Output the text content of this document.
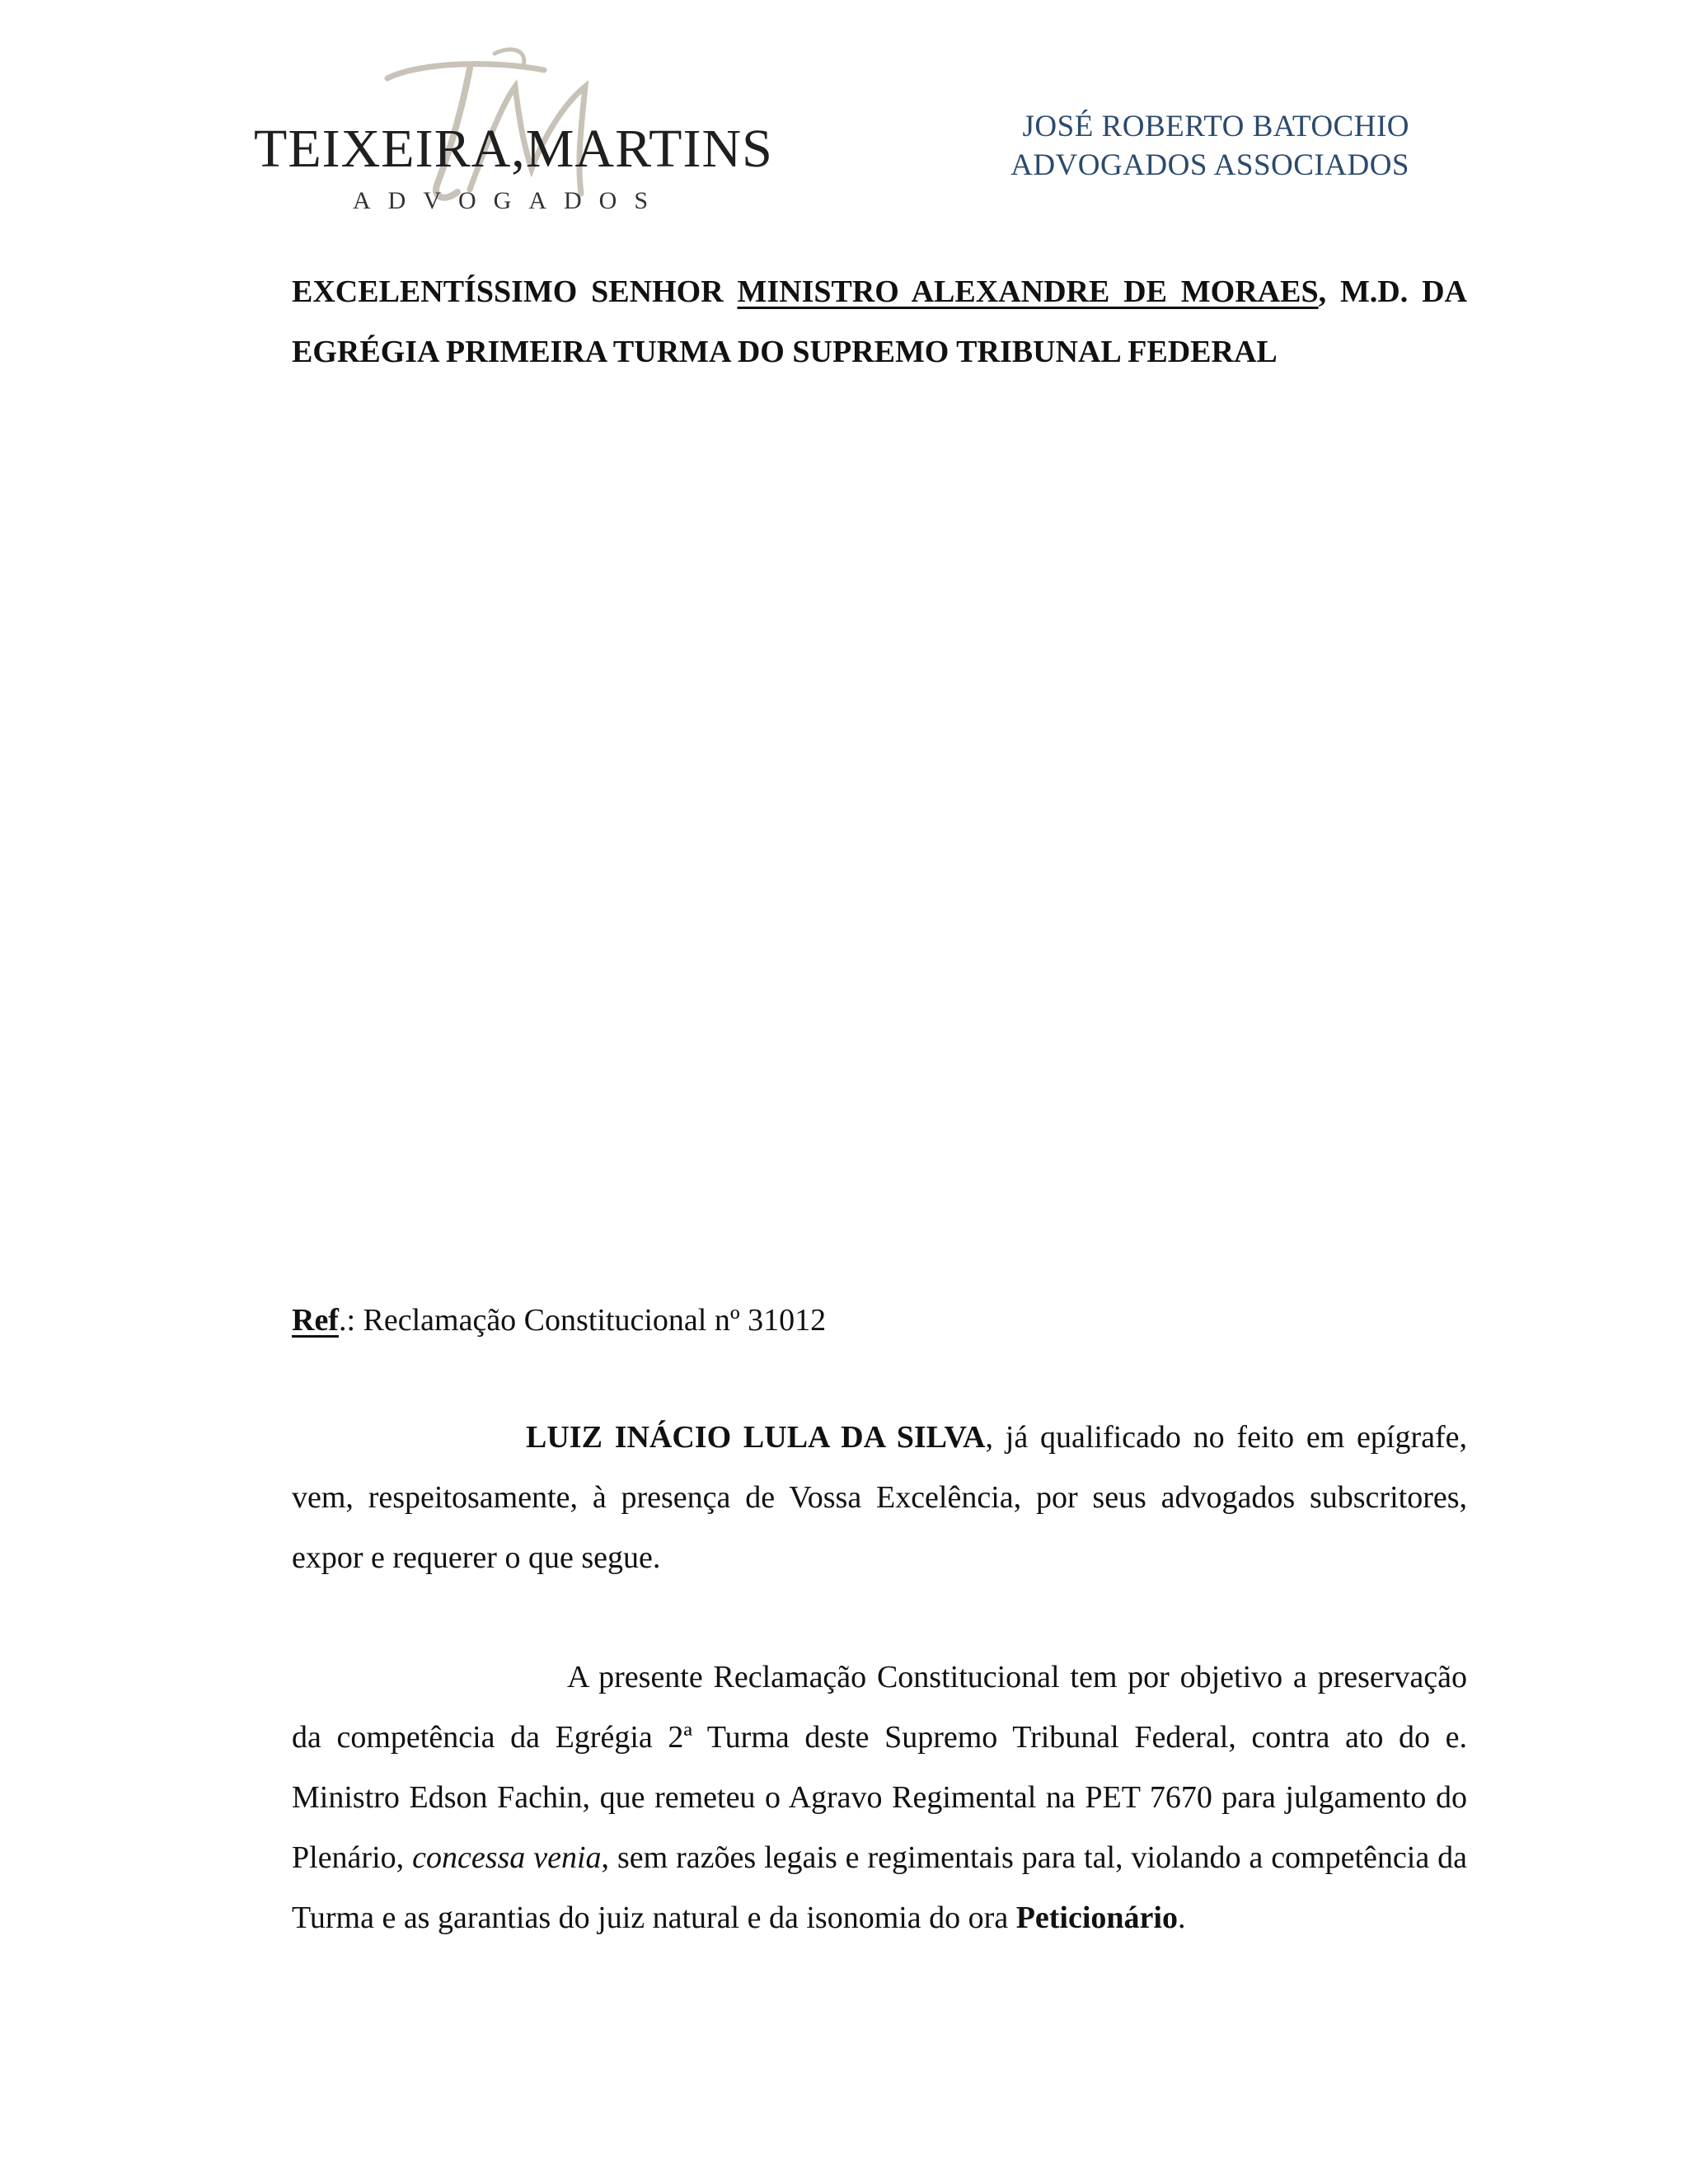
TEIXEIRA,MARTINS
ADVOGADOS
JOSÉ ROBERTO BATOCHIO
ADVOGADOS ASSOCIADOS
EXCELENTÍSSIMO SENHOR MINISTRO ALEXANDRE DE MORAES, M.D. DA EGRÉGIA PRIMEIRA TURMA DO SUPREMO TRIBUNAL FEDERAL
Ref.: Reclamação Constitucional nº 31012
LUIZ INÁCIO LULA DA SILVA, já qualificado no feito em epígrafe, vem, respeitosamente, à presença de Vossa Excelência, por seus advogados subscritores, expor e requerer o que segue.
A presente Reclamação Constitucional tem por objetivo a preservação da competência da Egrégia 2ª Turma deste Supremo Tribunal Federal, contra ato do e. Ministro Edson Fachin, que remeteu o Agravo Regimental na PET 7670 para julgamento do Plenário, concessa venia, sem razões legais e regimentais para tal, violando a competência da Turma e as garantias do juiz natural e da isonomia do ora Peticionário.
